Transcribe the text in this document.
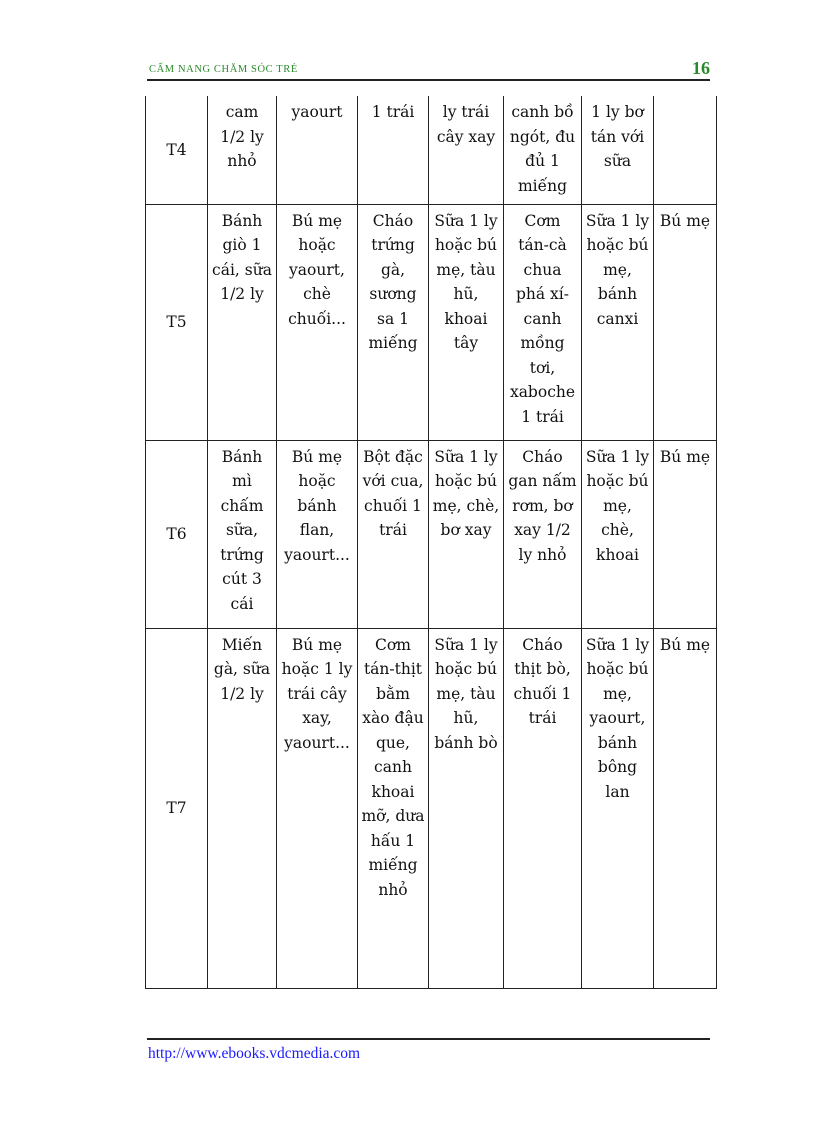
CẨM NANG CHĂM SÓC TRẺ	16
T4	cam 1/2 ly nhỏ	yaourt	1 trái	ly trái cây xay	canh bồ ngót, đu đủ 1 miếng	1 ly bơ tán với sữa	
T5	Bánh giò 1 cái, sữa 1/2 ly	Bú mẹ hoặc yaourt, chè chuối...	Cháo trứng gà, sương sa 1 miếng	Sữa 1 ly hoặc bú mẹ, tàu hũ, khoai tây	Cơm tán-cà chua phá xí-canh mồng tơi, xaboche 1 trái	Sữa 1 ly hoặc bú mẹ, bánh canxi	Bú mẹ
T6	Bánh mì chấm sữa, trứng cút 3 cái	Bú mẹ hoặc bánh flan, yaourt...	Bột đặc với cua, chuối 1 trái	Sữa 1 ly hoặc bú mẹ, chè, bơ xay	Cháo gan nấm rơm, bơ xay 1/2 ly nhỏ	Sữa 1 ly hoặc bú mẹ, chè, khoai	Bú mẹ
T7	Miến gà, sữa 1/2 ly	Bú mẹ hoặc 1 ly trái cây xay, yaourt...	Cơm tán-thịt bằm xào đậu que, canh khoai mỡ, dưa hấu 1 miếng nhỏ	Sữa 1 ly hoặc bú mẹ, tàu hũ, bánh bò	Cháo thịt bò, chuối 1 trái	Sữa 1 ly hoặc bú mẹ, yaourt, bánh bông lan	Bú mẹ
http://www.ebooks.vdcmedia.com
